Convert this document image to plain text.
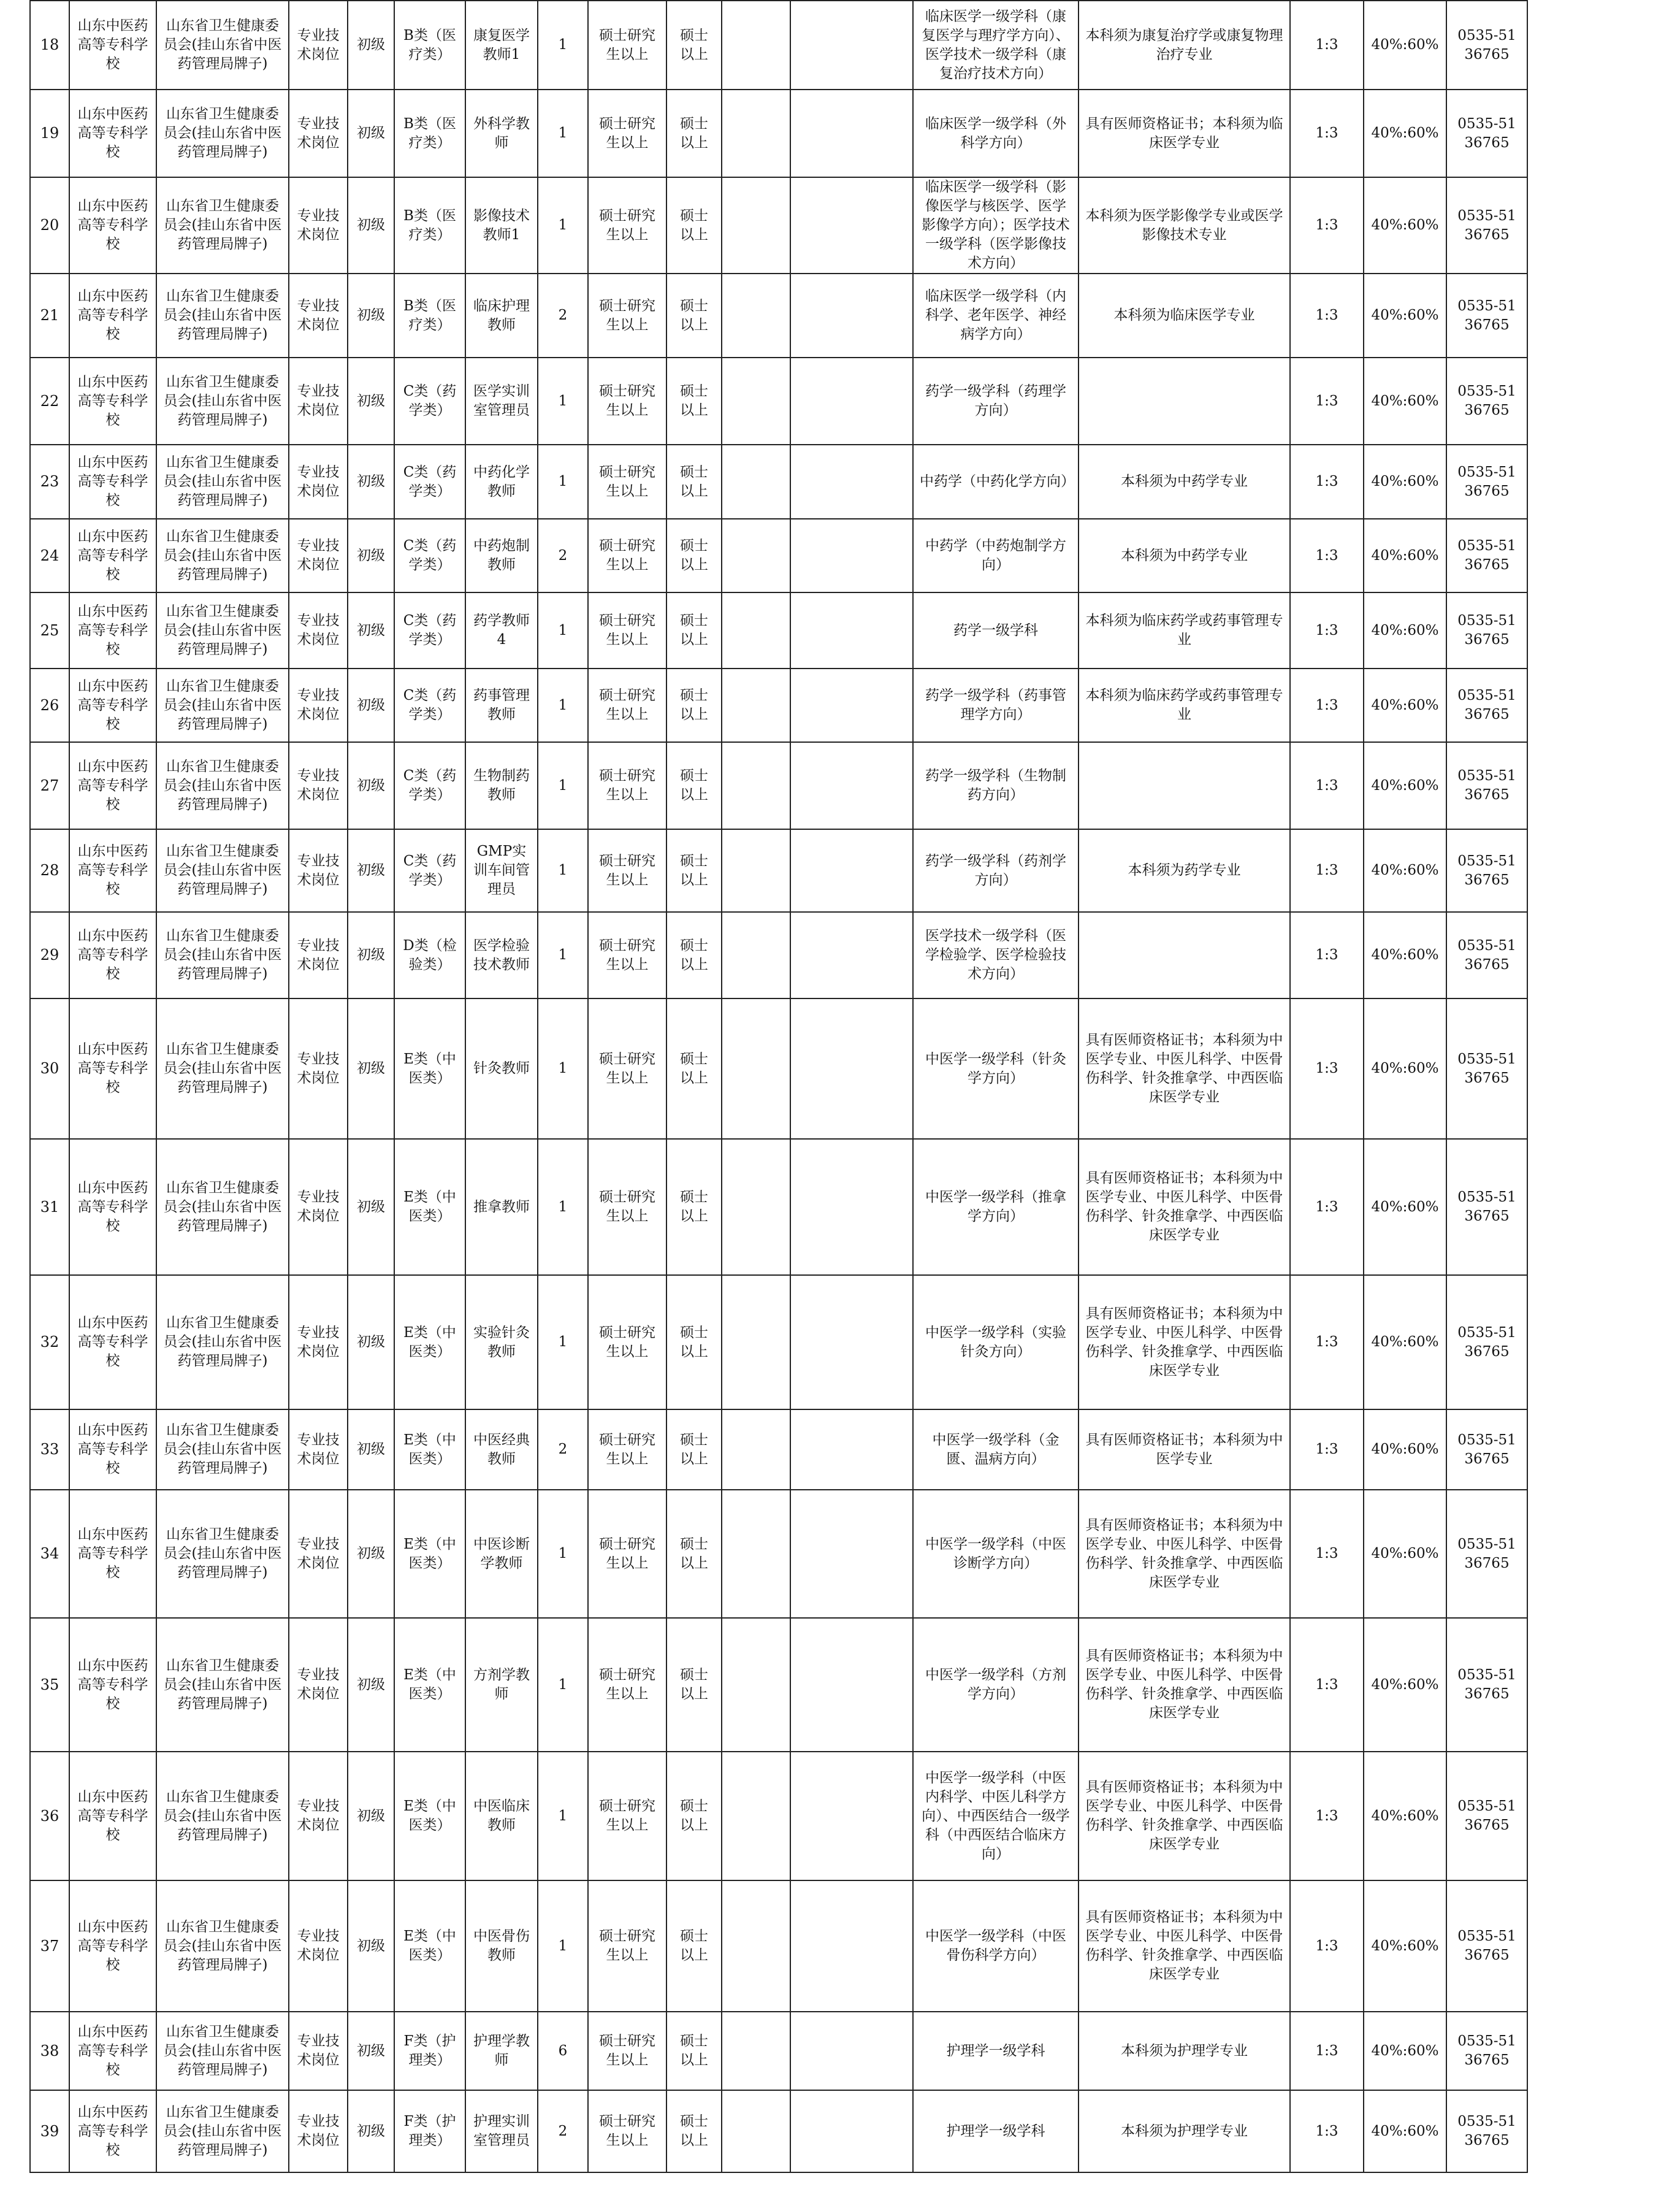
18	山东中医药高等专科学校	山东省卫生健康委员会(挂山东省中医药管理局牌子)	专业技术岗位	初级	B类（医疗类）	康复医学教师1	1	硕士研究生以上	硕士以上			临床医学一级学科（康复医学与理疗学方向）、医学技术一级学科（康复治疗技术方向）	本科须为康复治疗学或康复物理治疗专业	1:3	40%:60%	0535-5136765
19	山东中医药高等专科学校	山东省卫生健康委员会(挂山东省中医药管理局牌子)	专业技术岗位	初级	B类（医疗类）	外科学教师	1	硕士研究生以上	硕士以上			临床医学一级学科（外科学方向）	具有医师资格证书；本科须为临床医学专业	1:3	40%:60%	0535-5136765
20	山东中医药高等专科学校	山东省卫生健康委员会(挂山东省中医药管理局牌子)	专业技术岗位	初级	B类（医疗类）	影像技术教师1	1	硕士研究生以上	硕士以上			临床医学一级学科（影像医学与核医学、医学影像学方向）；医学技术一级学科（医学影像技术方向）	本科须为医学影像学专业或医学影像技术专业	1:3	40%:60%	0535-5136765
21	山东中医药高等专科学校	山东省卫生健康委员会(挂山东省中医药管理局牌子)	专业技术岗位	初级	B类（医疗类）	临床护理教师	2	硕士研究生以上	硕士以上			临床医学一级学科（内科学、老年医学、神经病学方向）	本科须为临床医学专业	1:3	40%:60%	0535-5136765
22	山东中医药高等专科学校	山东省卫生健康委员会(挂山东省中医药管理局牌子)	专业技术岗位	初级	C类（药学类）	医学实训室管理员	1	硕士研究生以上	硕士以上			药学一级学科（药理学方向）		1:3	40%:60%	0535-5136765
23	山东中医药高等专科学校	山东省卫生健康委员会(挂山东省中医药管理局牌子)	专业技术岗位	初级	C类（药学类）	中药化学教师	1	硕士研究生以上	硕士以上			中药学（中药化学方向）	本科须为中药学专业	1:3	40%:60%	0535-5136765
24	山东中医药高等专科学校	山东省卫生健康委员会(挂山东省中医药管理局牌子)	专业技术岗位	初级	C类（药学类）	中药炮制教师	2	硕士研究生以上	硕士以上			中药学（中药炮制学方向）	本科须为中药学专业	1:3	40%:60%	0535-5136765
25	山东中医药高等专科学校	山东省卫生健康委员会(挂山东省中医药管理局牌子)	专业技术岗位	初级	C类（药学类）	药学教师4	1	硕士研究生以上	硕士以上			药学一级学科	本科须为临床药学或药事管理专业	1:3	40%:60%	0535-5136765
26	山东中医药高等专科学校	山东省卫生健康委员会(挂山东省中医药管理局牌子)	专业技术岗位	初级	C类（药学类）	药事管理教师	1	硕士研究生以上	硕士以上			药学一级学科（药事管理学方向）	本科须为临床药学或药事管理专业	1:3	40%:60%	0535-5136765
27	山东中医药高等专科学校	山东省卫生健康委员会(挂山东省中医药管理局牌子)	专业技术岗位	初级	C类（药学类）	生物制药教师	1	硕士研究生以上	硕士以上			药学一级学科（生物制药方向）		1:3	40%:60%	0535-5136765
28	山东中医药高等专科学校	山东省卫生健康委员会(挂山东省中医药管理局牌子)	专业技术岗位	初级	C类（药学类）	GMP实训车间管理员	1	硕士研究生以上	硕士以上			药学一级学科（药剂学方向）	本科须为药学专业	1:3	40%:60%	0535-5136765
29	山东中医药高等专科学校	山东省卫生健康委员会(挂山东省中医药管理局牌子)	专业技术岗位	初级	D类（检验类）	医学检验技术教师	1	硕士研究生以上	硕士以上			医学技术一级学科（医学检验学、医学检验技术方向）		1:3	40%:60%	0535-5136765
30	山东中医药高等专科学校	山东省卫生健康委员会(挂山东省中医药管理局牌子)	专业技术岗位	初级	E类（中医类）	针灸教师	1	硕士研究生以上	硕士以上			中医学一级学科（针灸学方向）	具有医师资格证书；本科须为中医学专业、中医儿科学、中医骨伤科学、针灸推拿学、中西医临床医学专业	1:3	40%:60%	0535-5136765
31	山东中医药高等专科学校	山东省卫生健康委员会(挂山东省中医药管理局牌子)	专业技术岗位	初级	E类（中医类）	推拿教师	1	硕士研究生以上	硕士以上			中医学一级学科（推拿学方向）	具有医师资格证书；本科须为中医学专业、中医儿科学、中医骨伤科学、针灸推拿学、中西医临床医学专业	1:3	40%:60%	0535-5136765
32	山东中医药高等专科学校	山东省卫生健康委员会(挂山东省中医药管理局牌子)	专业技术岗位	初级	E类（中医类）	实验针灸教师	1	硕士研究生以上	硕士以上			中医学一级学科（实验针灸方向）	具有医师资格证书；本科须为中医学专业、中医儿科学、中医骨伤科学、针灸推拿学、中西医临床医学专业	1:3	40%:60%	0535-5136765
33	山东中医药高等专科学校	山东省卫生健康委员会(挂山东省中医药管理局牌子)	专业技术岗位	初级	E类（中医类）	中医经典教师	2	硕士研究生以上	硕士以上			中医学一级学科（金匮、温病方向）	具有医师资格证书；本科须为中医学专业	1:3	40%:60%	0535-5136765
34	山东中医药高等专科学校	山东省卫生健康委员会(挂山东省中医药管理局牌子)	专业技术岗位	初级	E类（中医类）	中医诊断学教师	1	硕士研究生以上	硕士以上			中医学一级学科（中医诊断学方向）	具有医师资格证书；本科须为中医学专业、中医儿科学、中医骨伤科学、针灸推拿学、中西医临床医学专业	1:3	40%:60%	0535-5136765
35	山东中医药高等专科学校	山东省卫生健康委员会(挂山东省中医药管理局牌子)	专业技术岗位	初级	E类（中医类）	方剂学教师	1	硕士研究生以上	硕士以上			中医学一级学科（方剂学方向）	具有医师资格证书；本科须为中医学专业、中医儿科学、中医骨伤科学、针灸推拿学、中西医临床医学专业	1:3	40%:60%	0535-5136765
36	山东中医药高等专科学校	山东省卫生健康委员会(挂山东省中医药管理局牌子)	专业技术岗位	初级	E类（中医类）	中医临床教师	1	硕士研究生以上	硕士以上			中医学一级学科（中医内科学、中医儿科学方向）、中西医结合一级学科（中西医结合临床方向）	具有医师资格证书；本科须为中医学专业、中医儿科学、中医骨伤科学、针灸推拿学、中西医临床医学专业	1:3	40%:60%	0535-5136765
37	山东中医药高等专科学校	山东省卫生健康委员会(挂山东省中医药管理局牌子)	专业技术岗位	初级	E类（中医类）	中医骨伤教师	1	硕士研究生以上	硕士以上			中医学一级学科（中医骨伤科学方向）	具有医师资格证书；本科须为中医学专业、中医儿科学、中医骨伤科学、针灸推拿学、中西医临床医学专业	1:3	40%:60%	0535-5136765
38	山东中医药高等专科学校	山东省卫生健康委员会(挂山东省中医药管理局牌子)	专业技术岗位	初级	F类（护理类）	护理学教师	6	硕士研究生以上	硕士以上			护理学一级学科	本科须为护理学专业	1:3	40%:60%	0535-5136765
39	山东中医药高等专科学校	山东省卫生健康委员会(挂山东省中医药管理局牌子)	专业技术岗位	初级	F类（护理类）	护理实训室管理员	2	硕士研究生以上	硕士以上			护理学一级学科	本科须为护理学专业	1:3	40%:60%	0535-5136765
